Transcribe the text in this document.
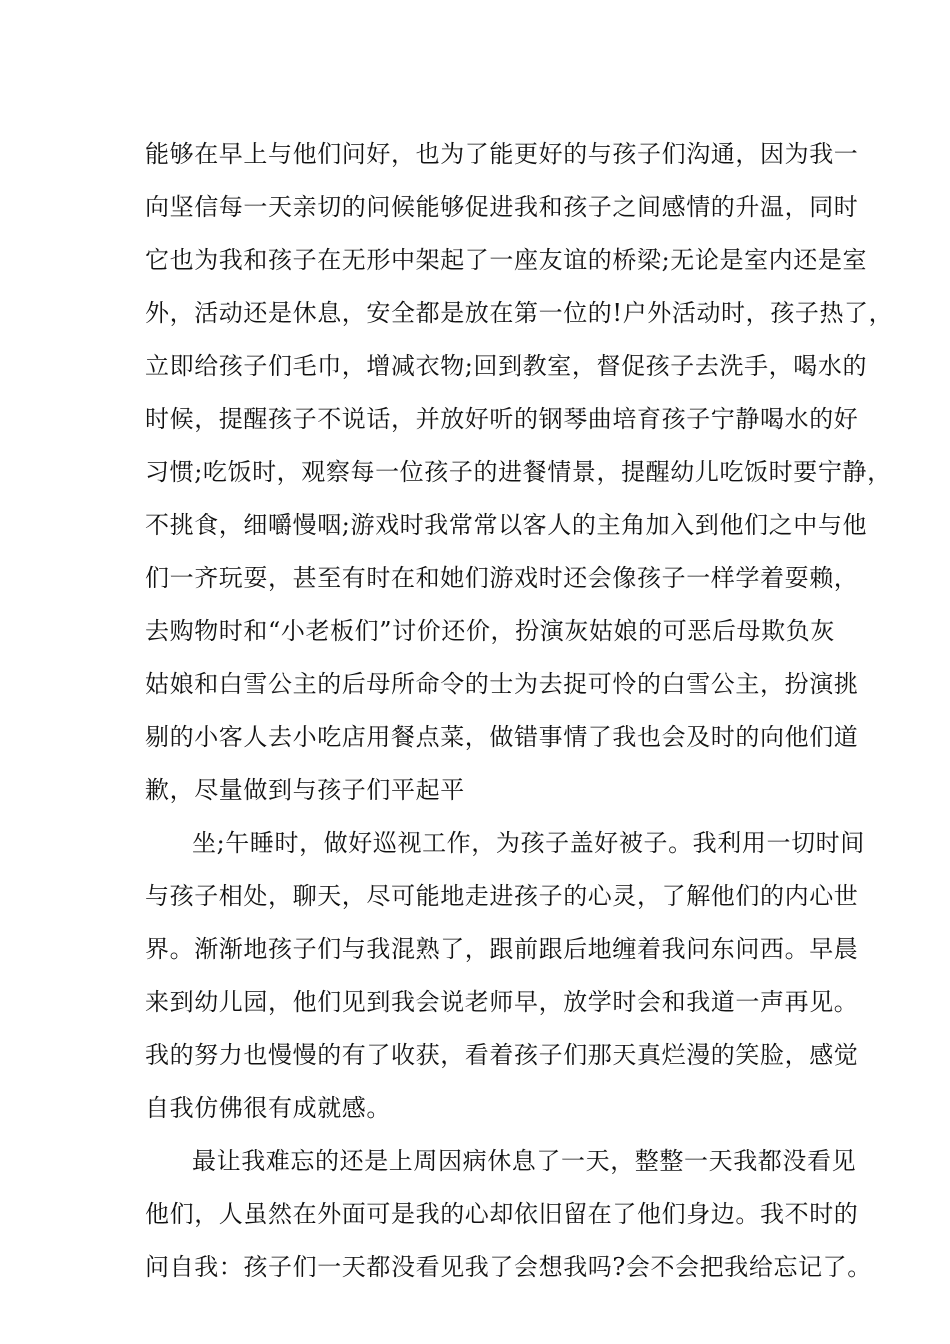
能够在早上与他们问好，也为了能更好的与孩子们沟通，因为我一

向坚信每一天亲切的问候能够促进我和孩子之间感情的升温，同时

它也为我和孩子在无形中架起了一座友谊的桥梁;无论是室内还是室

外，活动还是休息，安全都是放在第一位的!户外活动时，孩子热了，

立即给孩子们毛巾，增减衣物;回到教室，督促孩子去洗手，喝水的

时候，提醒孩子不说话，并放好听的钢琴曲培育孩子宁静喝水的好

习惯;吃饭时，观察每一位孩子的进餐情景，提醒幼儿吃饭时要宁静，

不挑食，细嚼慢咽;游戏时我常常以客人的主角加入到他们之中与他

们一齐玩耍，甚至有时在和她们游戏时还会像孩子一样学着耍赖，

去购物时和“小老板们”讨价还价，扮演灰姑娘的可恶后母欺负灰

姑娘和白雪公主的后母所命令的士为去捉可怜的白雪公主，扮演挑

剔的小客人去小吃店用餐点菜，做错事情了我也会及时的向他们道

歉，尽量做到与孩子们平起平

坐;午睡时，做好巡视工作，为孩子盖好被子。我利用一切时间

与孩子相处，聊天，尽可能地走进孩子的心灵，了解他们的内心世

界。渐渐地孩子们与我混熟了，跟前跟后地缠着我问东问西。早晨

来到幼儿园，他们见到我会说老师早，放学时会和我道一声再见。

我的努力也慢慢的有了收获，看着孩子们那天真烂漫的笑脸，感觉

自我仿佛很有成就感。

最让我难忘的还是上周因病休息了一天，整整一天我都没看见

他们，人虽然在外面可是我的心却依旧留在了他们身边。我不时的

问自我：孩子们一天都没看见我了会想我吗?会不会把我给忘记了。
